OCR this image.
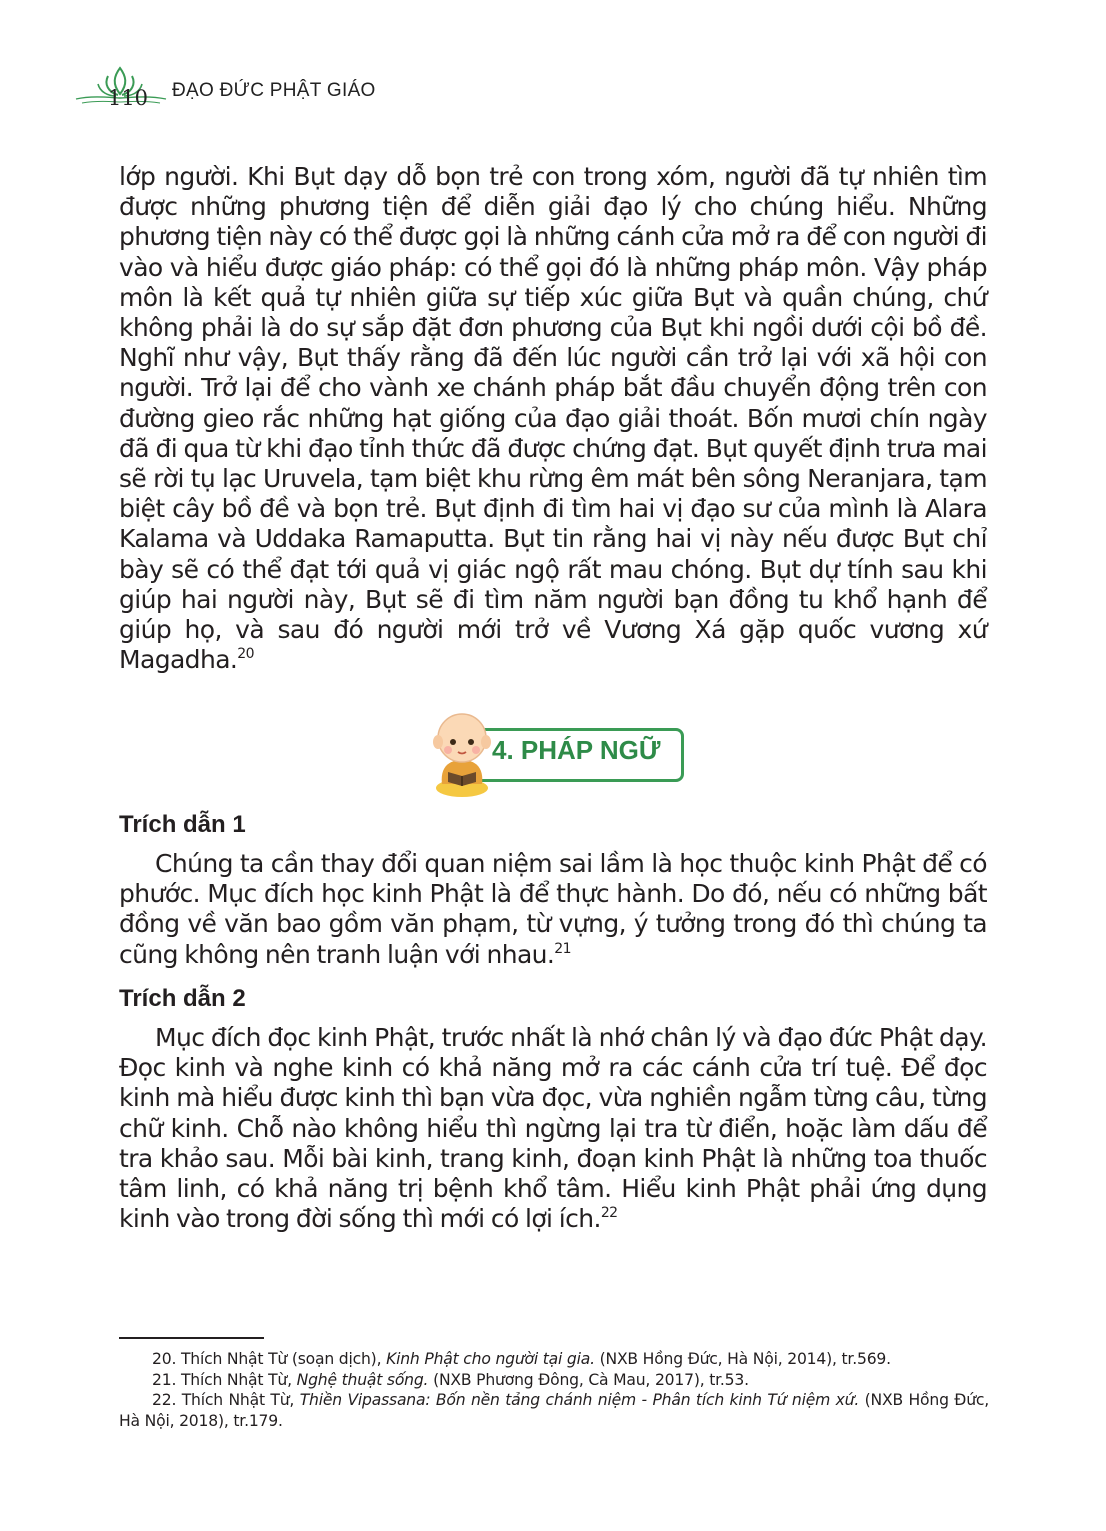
110	ĐẠO ĐỨC PHẬT GIÁO

lớp người. Khi Bụt dạy dỗ bọn trẻ con trong xóm, người đã tự nhiên tìm được những phương tiện để diễn giải đạo lý cho chúng hiểu. Những phương tiện này có thể được gọi là những cánh cửa mở ra để con người đi vào và hiểu được giáo pháp: có thể gọi đó là những pháp môn. Vậy pháp môn là kết quả tự nhiên giữa sự tiếp xúc giữa Bụt và quần chúng, chứ không phải là do sự sắp đặt đơn phương của Bụt khi ngồi dưới cội bồ đề. Nghĩ như vậy, Bụt thấy rằng đã đến lúc người cần trở lại với xã hội con người. Trở lại để cho vành xe chánh pháp bắt đầu chuyển động trên con đường gieo rắc những hạt giống của đạo giải thoát. Bốn mươi chín ngày đã đi qua từ khi đạo tỉnh thức đã được chứng đạt. Bụt quyết định trưa mai sẽ rời tụ lạc Uruvela, tạm biệt khu rừng êm mát bên sông Neranjara, tạm biệt cây bồ đề và bọn trẻ. Bụt định đi tìm hai vị đạo sư của mình là Alara Kalama và Uddaka Ramaputta. Bụt tin rằng hai vị này nếu được Bụt chỉ bày sẽ có thể đạt tới quả vị giác ngộ rất mau chóng. Bụt dự tính sau khi giúp hai người này, Bụt sẽ đi tìm năm người bạn đồng tu khổ hạnh để giúp họ, và sau đó người mới trở về Vương Xá gặp quốc vương xứ Magadha.$^{20}$

4. PHÁP NGỮ
Trích dẫn 1

Chúng ta cần thay đổi quan niệm sai lầm là học thuộc kinh Phật để có phước. Mục đích học kinh Phật là để thực hành. Do đó, nếu có những bất đồng về văn bao gồm văn phạm, từ vựng, ý tưởng trong đó thì chúng ta cũng không nên tranh luận với nhau.$^{21}$

Trích dẫn 2

Mục đích đọc kinh Phật, trước nhất là nhớ chân lý và đạo đức Phật dạy. Đọc kinh và nghe kinh có khả năng mở ra các cánh cửa trí tuệ. Để đọc kinh mà hiểu được kinh thì bạn vừa đọc, vừa nghiền ngẫm từng câu, từng chữ kinh. Chỗ nào không hiểu thì ngừng lại tra từ điển, hoặc làm dấu để tra khảo sau. Mỗi bài kinh, trang kinh, đoạn kinh Phật là những toa thuốc tâm linh, có khả năng trị bệnh khổ tâm. Hiểu kinh Phật phải ứng dụng kinh vào trong đời sống thì mới có lợi ích.$^{22}$

20. Thích Nhật Từ (soạn dịch), Kinh Phật cho người tại gia. (NXB Hồng Đức, Hà Nội, 2014), tr.569.

21. Thích Nhật Từ, Nghệ thuật sống. (NXB Phương Đông, Cà Mau, 2017), tr.53.

22. Thích Nhật Từ, Thiền Vipassana: Bốn nền tảng chánh niệm - Phân tích kinh Tứ niệm xứ. (NXB Hồng Đức, Hà Nội, 2018), tr.179.
